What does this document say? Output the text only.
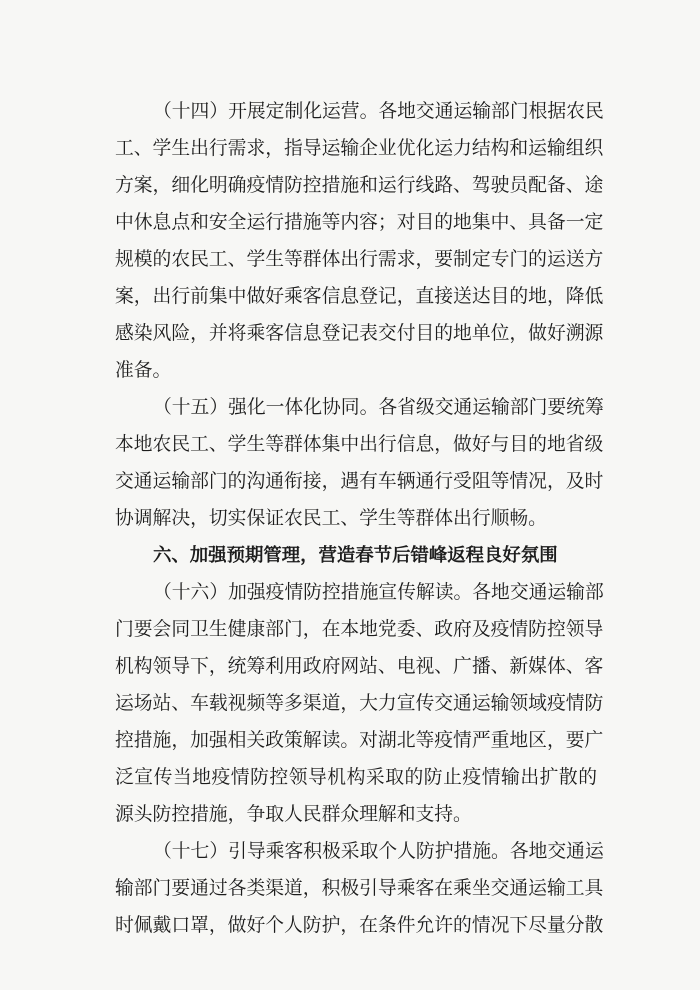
（十四）开展定制化运营。各地交通运输部门根据农民
工、学生出行需求，指导运输企业优化运力结构和运输组织
方案，细化明确疫情防控措施和运行线路、驾驶员配备、途
中休息点和安全运行措施等内容；对目的地集中、具备一定
规模的农民工、学生等群体出行需求，要制定专门的运送方
案，出行前集中做好乘客信息登记，直接送达目的地，降低
感染风险，并将乘客信息登记表交付目的地单位，做好溯源
准备。
（十五）强化一体化协同。各省级交通运输部门要统筹
本地农民工、学生等群体集中出行信息，做好与目的地省级
交通运输部门的沟通衔接，遇有车辆通行受阻等情况，及时
协调解决，切实保证农民工、学生等群体出行顺畅。
六、加强预期管理，营造春节后错峰返程良好氛围
（十六）加强疫情防控措施宣传解读。各地交通运输部
门要会同卫生健康部门，在本地党委、政府及疫情防控领导
机构领导下，统筹利用政府网站、电视、广播、新媒体、客
运场站、车载视频等多渠道，大力宣传交通运输领域疫情防
控措施，加强相关政策解读。对湖北等疫情严重地区，要广
泛宣传当地疫情防控领导机构采取的防止疫情输出扩散的
源头防控措施，争取人民群众理解和支持。
（十七）引导乘客积极采取个人防护措施。各地交通运
输部门要通过各类渠道，积极引导乘客在乘坐交通运输工具
时佩戴口罩，做好个人防护，在条件允许的情况下尽量分散
